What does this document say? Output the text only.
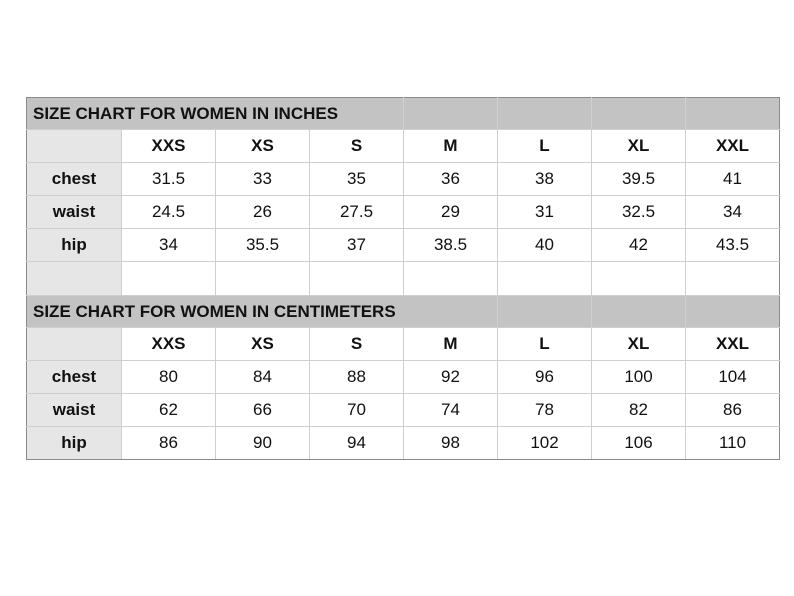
SIZE CHART FOR WOMEN IN INCHES							
	XXS	XS	S	M	L	XL	XXL
chest	31.5	33	35	36	38	39.5	41
waist	24.5	26	27.5	29	31	32.5	34
hip	34	35.5	37	38.5	40	42	43.5

SIZE CHART FOR WOMEN IN CENTIMETERS							
	XXS	XS	S	M	L	XL	XXL
chest	80	84	88	92	96	100	104
waist	62	66	70	74	78	82	86
hip	86	90	94	98	102	106	110
